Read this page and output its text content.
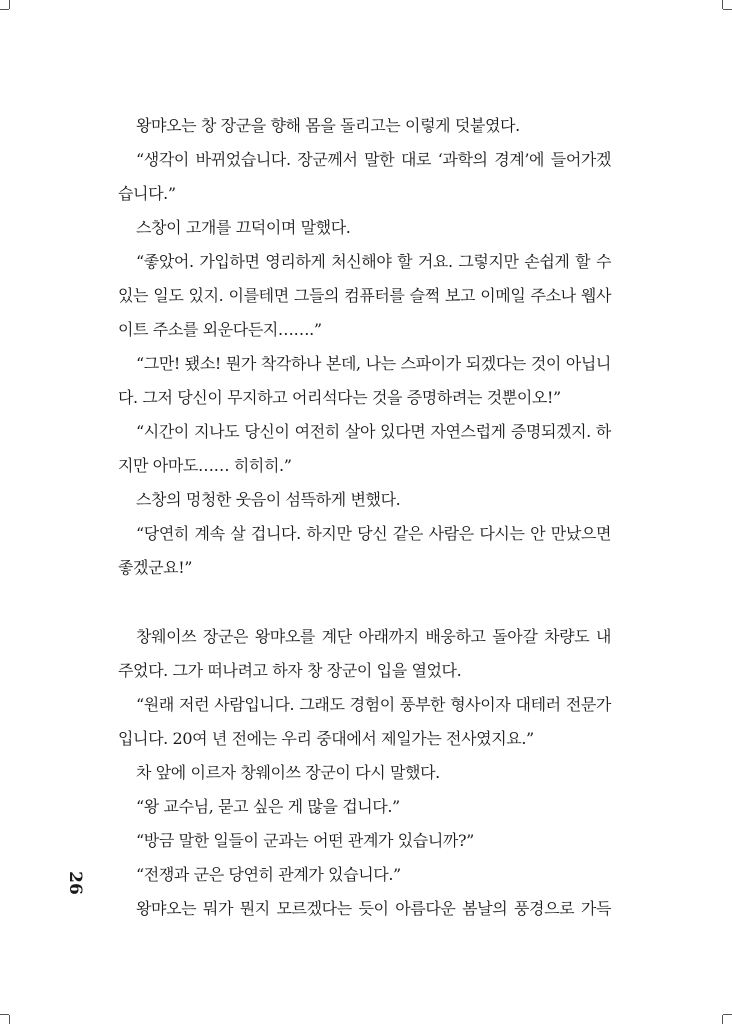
왕먀오는 창 장군을 향해 몸을 돌리고는 이렇게 덧붙였다.
“생각이 바뀌었습니다. 장군께서 말한 대로 ‘과학의 경계’에 들어가겠
습니다.”
스창이 고개를 끄덕이며 말했다.
“좋았어. 가입하면 영리하게 처신해야 할 거요. 그렇지만 손쉽게 할 수
있는 일도 있지. 이를테면 그들의 컴퓨터를 슬쩍 보고 이메일 주소나 웹사
이트 주소를 외운다든지…….”
“그만! 됐소! 뭔가 착각하나 본데, 나는 스파이가 되겠다는 것이 아닙니
다. 그저 당신이 무지하고 어리석다는 것을 증명하려는 것뿐이오!”
“시간이 지나도 당신이 여전히 살아 있다면 자연스럽게 증명되겠지. 하
지만 아마도…… 히히히.”
스창의 멍청한 웃음이 섬뜩하게 변했다.
“당연히 계속 살 겁니다. 하지만 당신 같은 사람은 다시는 안 만났으면
좋겠군요!”
창웨이쓰 장군은 왕먀오를 계단 아래까지 배웅하고 돌아갈 차량도 내
주었다. 그가 떠나려고 하자 창 장군이 입을 열었다.
“원래 저런 사람입니다. 그래도 경험이 풍부한 형사이자 대테러 전문가
입니다. 20여 년 전에는 우리 중대에서 제일가는 전사였지요.”
차 앞에 이르자 창웨이쓰 장군이 다시 말했다.
“왕 교수님, 묻고 싶은 게 많을 겁니다.”
“방금 말한 일들이 군과는 어떤 관계가 있습니까?”
“전쟁과 군은 당연히 관계가 있습니다.”
왕먀오는 뭐가 뭔지 모르겠다는 듯이 아름다운 봄날의 풍경으로 가득
26
